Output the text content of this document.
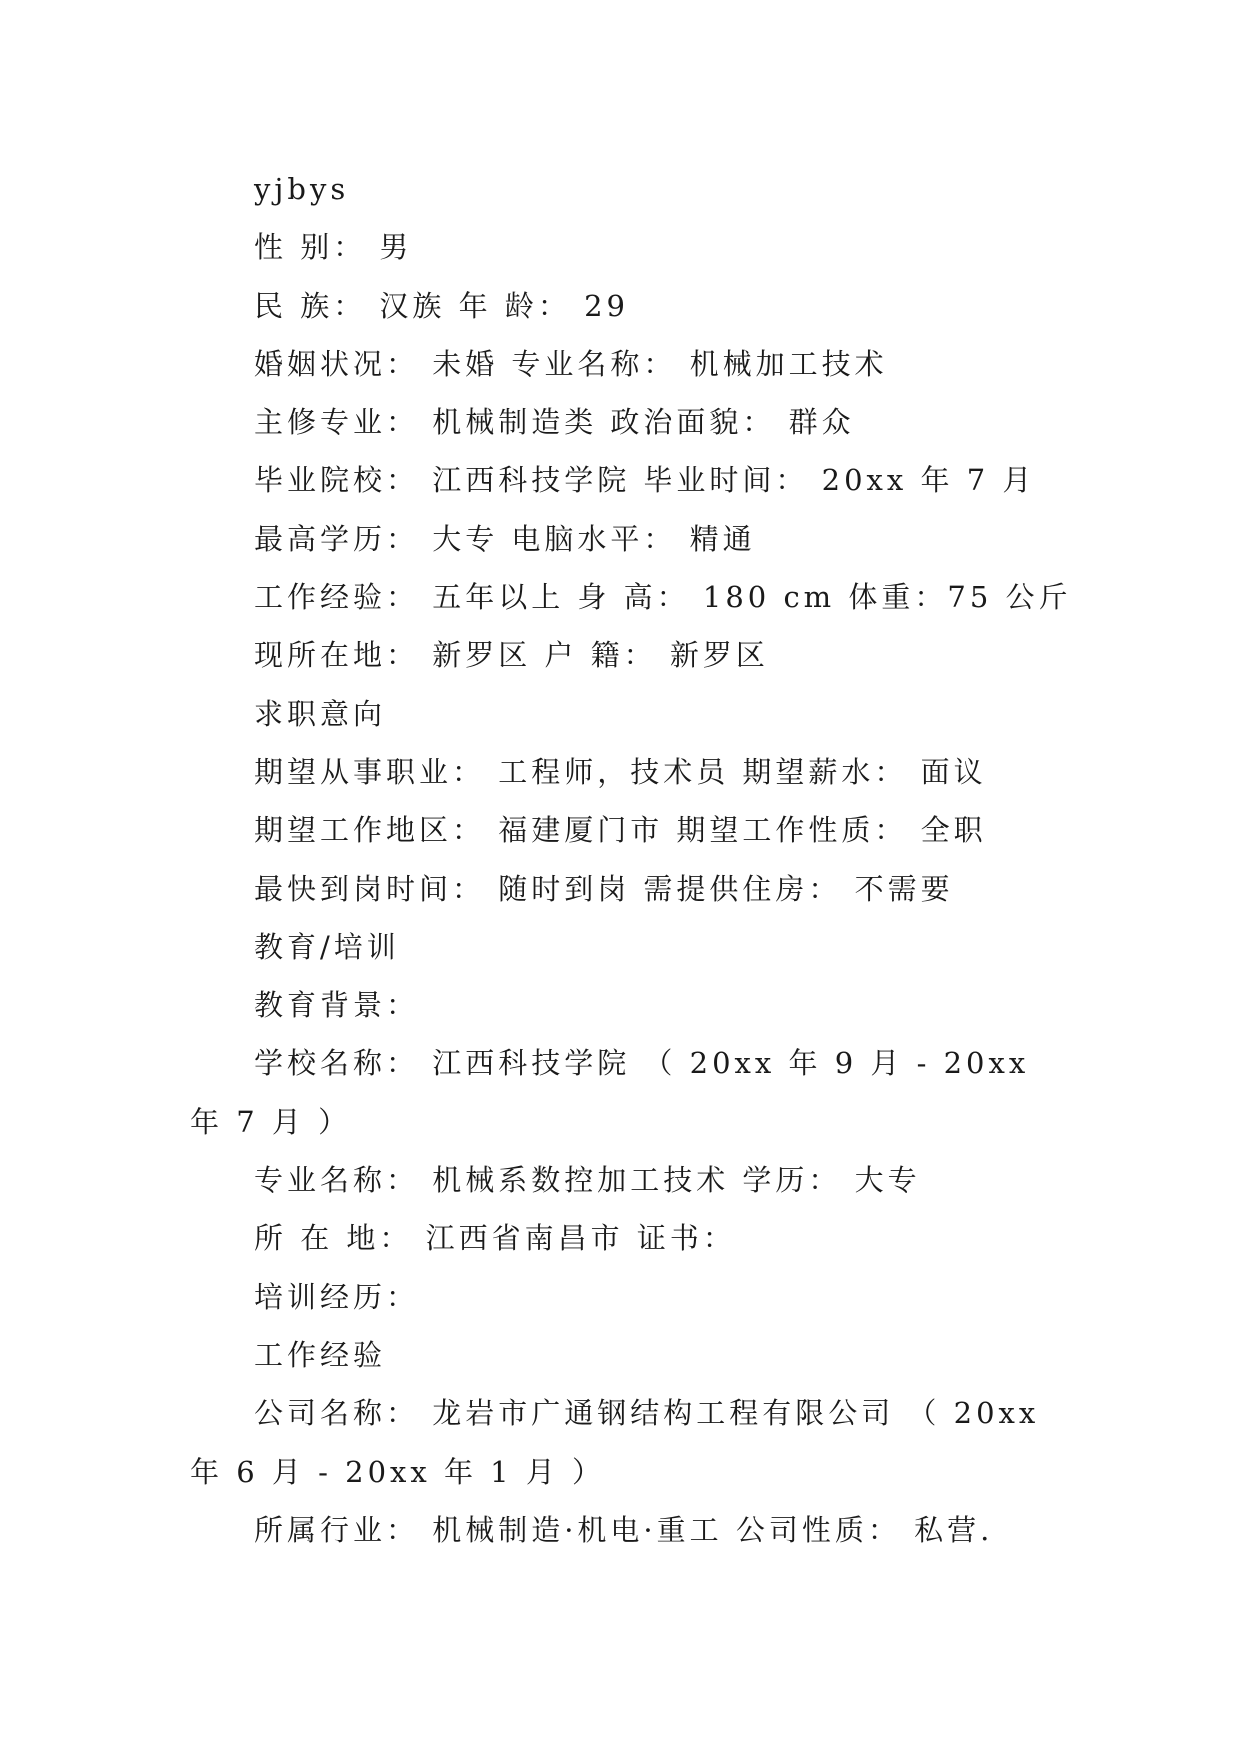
yjbys
性 别： 男
民 族： 汉族 年 龄： 29
婚姻状况： 未婚 专业名称： 机械加工技术
主修专业： 机械制造类 政治面貌： 群众
毕业院校： 江西科技学院 毕业时间： 20xx 年 7 月
最高学历： 大专 电脑水平： 精通
工作经验： 五年以上 身 高： 180 cm 体重：75 公斤
现所在地： 新罗区 户 籍： 新罗区
求职意向
期望从事职业： 工程师，技术员 期望薪水： 面议
期望工作地区： 福建厦门市 期望工作性质： 全职
最快到岗时间： 随时到岗 需提供住房： 不需要
教育/培训
教育背景：
学校名称： 江西科技学院 （ 20xx 年 9 月 - 20xx 年 7 月 ）
专业名称： 机械系数控加工技术 学历： 大专
所 在 地： 江西省南昌市 证书：
培训经历：
工作经验
公司名称： 龙岩市广通钢结构工程有限公司 （ 20xx 年 6 月 - 20xx 年 1 月 ）
所属行业： 机械制造·机电·重工 公司性质： 私营.
